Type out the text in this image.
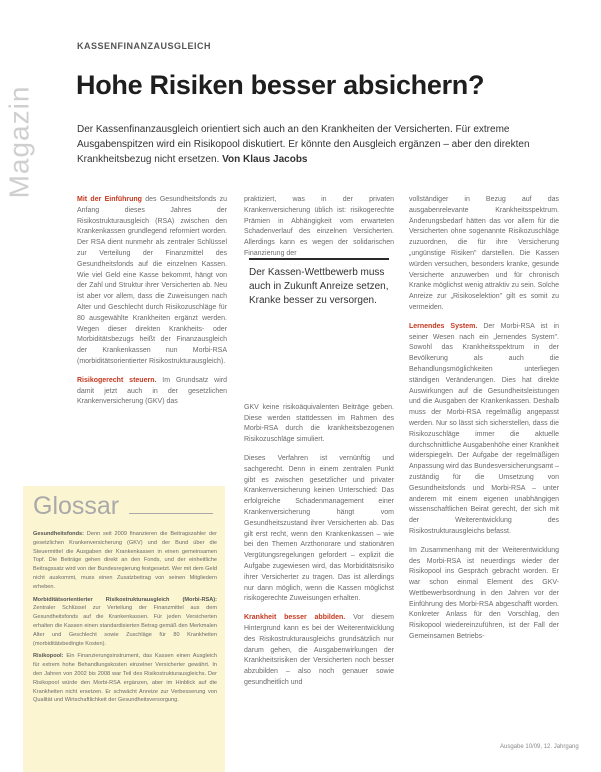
Magazin
KASSENFINANZAUSGLEICH
Hohe Risiken besser absichern?
Der Kassenfinanzausgleich orientiert sich auch an den Krankheiten der Versicherten. Für extreme Ausgabenspitzen wird ein Risikopool diskutiert. Er könnte den Ausgleich ergänzen – aber den direkten Krankheitsbezug nicht ersetzen. Von Klaus Jacobs

Mit der Einführung des Gesundheitsfonds zu Anfang dieses Jahres der Risikostrukturausgleich (RSA) zwischen den Krankenkassen grundlegend reformiert worden. Der RSA dient nunmehr als zentraler Schlüssel zur Verteilung der Finanzmittel des Gesundheitsfonds auf die einzelnen Kassen. Wie viel Geld eine Kasse bekommt, hängt von der Zahl und Struktur ihrer Versicherten ab. Neu ist aber vor allem, dass die Zuweisungen nach Alter und Geschlecht durch Risikozuschläge für 80 ausgewählte Krankheiten ergänzt werden. Wegen dieser direkten Krankheits- oder Morbiditätsbezugs heißt der Finanzausgleich der Krankenkassen nun Morbi-RSA (morbiditätsorientierter Risikostrukturausgleich).

Risikogerecht steuern. Im Grundsatz wird damit jetzt auch in der gesetzlichen Krankenversicherung (GKV) das

praktiziert, was in der privaten Krankenversicherung üblich ist: risikogerechte Prämien in Abhängigkeit vom erwarteten Schadenverlauf des einzelnen Versicherten. Allerdings kann es wegen der solidarischen Finanzierung der

GKV keine risikoäquivalenten Beiträge geben. Diese werden stattdessen im Rahmen des Morbi-RSA durch die krankheitsbezogenen Risikozuschläge simuliert.

Dieses Verfahren ist vernünftig und sachgerecht. Denn in einem zentralen Punkt gibt es zwischen gesetzlicher und privater Krankenversicherung keinen Unterschied: Das erfolgreiche Schadenmanagement einer Krankenversicherung hängt vom Gesundheitszustand ihrer Versicherten ab. Das gilt erst recht, wenn den Krankenkassen – wie bei den Themen Arzthonorare und stationären Vergütungsregelungen gefordert – explizit die Aufgabe zugewiesen wird, das Morbiditätsrisiko ihrer Versicherter zu tragen. Das ist allerdings nur dann möglich, wenn die Kassen möglichst risikogerechte Zuweisungen erhalten.

Krankheit besser abbilden. Vor diesem Hintergrund kann es bei der Weiterentwicklung des Risikostrukturausgleichs grundsätzlich nur darum gehen, die Ausgabenwirkungen der Krankheitsrisiken der Versicherten noch besser abzubilden – also noch genauer sowie gesundheitlich und

Der Kassen-Wettbewerb muss auch in Zukunft Anreize setzen, Kranke besser zu versorgen.

vollständiger in Bezug auf das ausgabenrelevante Krankheitsspektrum. Änderungsbedarf hätten das vor allem für die Versicherten ohne sogenannte Risikozuschläge zuzuordnen, die für ihre Versicherung „ungünstige Risiken" darstellen. Die Kassen würden versuchen, besonders kranke, gesunde Versicherte anzuwerben und für chronisch Kranke möglichst wenig attraktiv zu sein. Solche Anreize zur „Risikoselektion" gilt es somit zu vermeiden.

Lernendes System. Der Morbi-RSA ist in seiner Wesen nach ein „lernendes System". Sowohl das Krankheitsspektrum in der Bevölkerung als auch die Behandlungsmöglichkeiten unterliegen ständigen Veränderungen. Dies hat direkte Auswirkungen auf die Gesundheitsleistungen und die Ausgaben der Krankenkassen. Deshalb muss der Morbi-RSA regelmäßig angepasst werden. Nur so lässt sich sicherstellen, dass die Risikozuschläge immer die aktuelle durchschnittliche Ausgabenhöhe einer Krankheit widerspiegeln. Der Aufgabe der regelmäßigen Anpassung wird das Bundesversicherungsamt – zuständig für die Umsetzung von Gesundheitsfonds und Morbi-RSA – unter anderem mit einem eigenen unabhängigen wissenschaftlichen Beirat gerecht, der sich mit der Weiterentwicklung des Risikostrukturausgleichs befasst.

Im Zusammenhang mit der Weiterentwicklung des Morbi-RSA ist neuerdings wieder der Risikopool ins Gespräch gebracht worden. Er war schon einmal Element des GKV-Wettbewerbsordnung in den Jahren vor der Einführung des Morbi-RSA abgeschafft worden. Konkreter Anlass für den Vorschlag, den Risikopool wiedereinzuführen, ist der Fall der Gemeinsamen Betriebs-

Glossar

Gesundheitsfonds: Denn seit 2009 finanzieren die Beitragszahler der gesetzlichen Krankenversicherung (GKV) und der Bund über die Steuermittel die Ausgaben der Krankenkassen in einen gemeinsamen Topf. Die Beiträge gehen direkt an den Fonds, und der einheitliche Beitragssatz wird von der Bundesregierung festgesetzt. Wer mit dem Geld nicht auskommt, muss einen Zusatzbeitrag von seinen Mitgliedern erheben.

Morbiditätsorientierter Risikostrukturausgleich (Morbi-RSA): Zentraler Schlüssel zur Verteilung der Finanzmittel aus dem Gesundheitsfonds auf die Krankenkassen. Für jeden Versicherten erhalten die Kassen einen standardisierten Betrag gemäß den Merkmalen Alter und Geschlecht sowie Zuschläge für 80 Krankheiten (morbiditätsbedingte Kosten).

Risikopool: Ein Finanzierungsinstrument, das Kassen einen Ausgleich für extrem hohe Behandlungskosten einzelner Versicherter gewährt. In den Jahren von 2002 bis 2008 war Teil des Risikostrukturausgleichs. Der Risikopool würde den Morbi-RSA ergänzen, aber im Hinblick auf die Krankheiten nicht ersetzen. Er schwächt Anreize zur Verbesserung von Qualität und Wirtschaftlichkeit der Gesundheitsversorgung.

Ausgabe 10/09, 12. Jahrgang
